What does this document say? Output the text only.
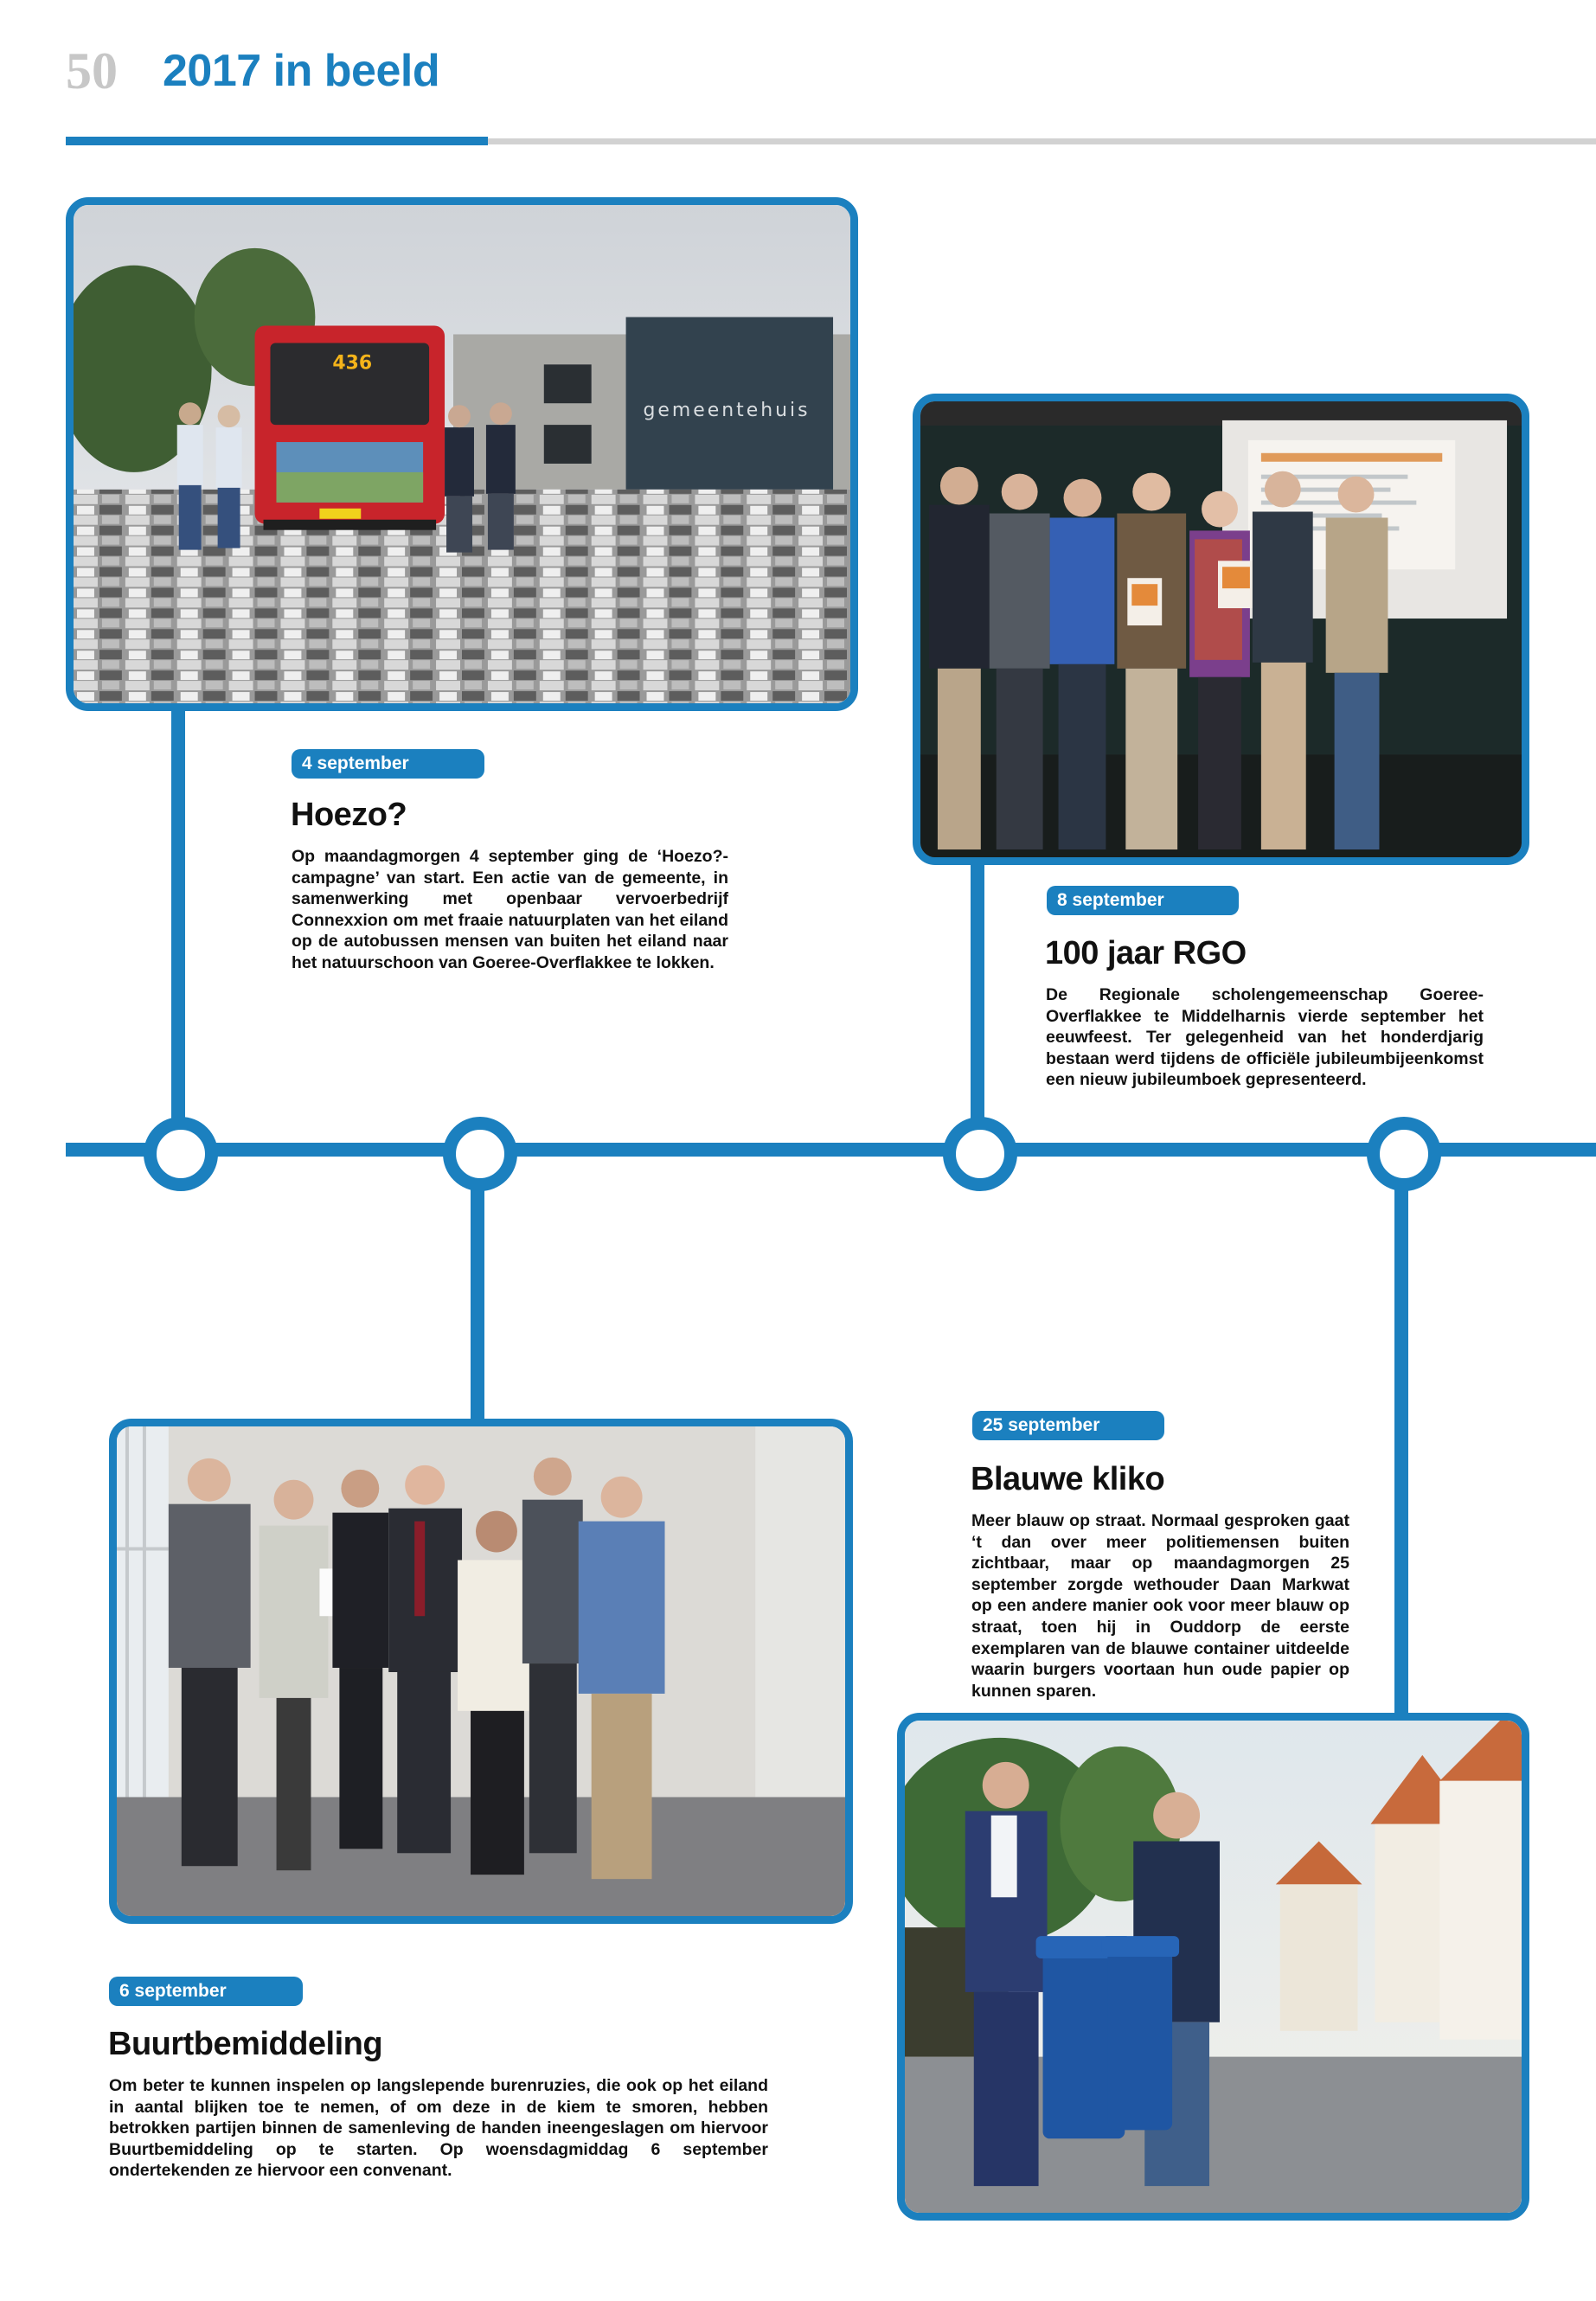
50 2017 in beeld
gemeentehuis
436
4 september
Hoezo?
Op maandagmorgen 4 september ging de ‘Hoezo?-campagne’ van start. Een actie van de gemeente, in samenwerking met openbaar vervoerbedrijf Connexxion om met fraaie natuurplaten van het eiland op de autobussen mensen van buiten het eiland naar het natuurschoon van Goeree-Overflakkee te lokken.
8 september
100 jaar RGO
De Regionale scholengemeenschap Goeree-Overflakkee te Middelharnis vierde september het eeuwfeest. Ter gelegenheid van het honderdjarig bestaan werd tijdens de officiële jubileumbijeenkomst een nieuw jubileumboek gepresenteerd.
6 september
Buurtbemiddeling
Om beter te kunnen inspelen op langslepende burenruzies, die ook op het eiland in aantal blijken toe te nemen, of om deze in de kiem te smoren, hebben betrokken partijen binnen de samenleving de handen ineengeslagen om hiervoor Buurtbemiddeling op te starten. Op woensdagmiddag 6 september ondertekenden ze hiervoor een convenant.
25 september
Blauwe kliko
Meer blauw op straat. Normaal gesproken gaat ‘t dan over meer politiemensen buiten zichtbaar, maar op maandagmorgen 25 september zorgde wethouder Daan Markwat op een andere manier ook voor meer blauw op straat, toen hij in Ouddorp de eerste exemplaren van de blauwe container uitdeelde waarin burgers voortaan hun oude papier op kunnen sparen.
